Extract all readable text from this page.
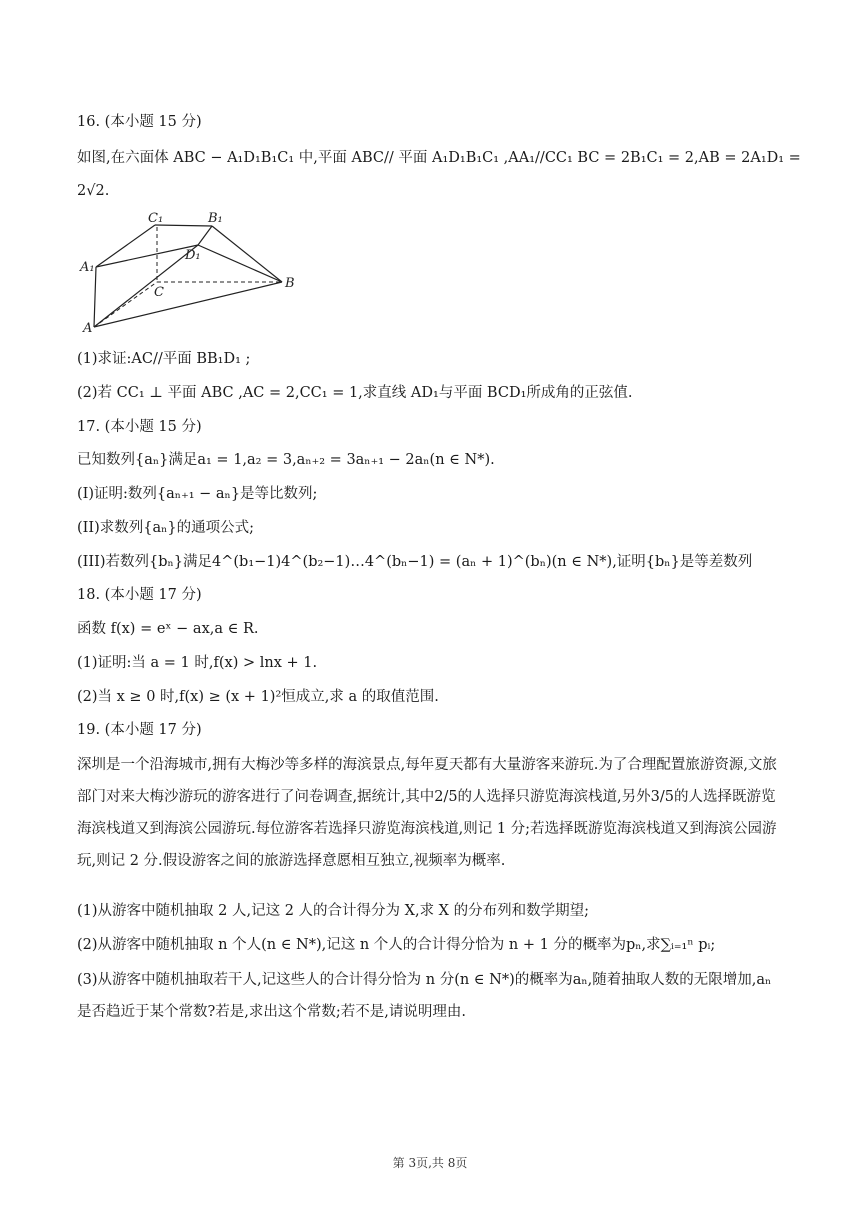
16. (本小题 15 分)
如图,在六面体 ABC − A₁D₁B₁C₁ 中,平面 ABC// 平面 A₁D₁B₁C₁ ,AA₁//CC₁ BC = 2B₁C₁ = 2,AB = 2A₁D₁ =
2√2.
C₁	B₁
A₁
D₁
C
B
A
(1)求证:AC//平面 BB₁D₁ ;
(2)若 CC₁ ⊥ 平面 ABC ,AC = 2,CC₁ = 1,求直线 AD₁与平面 BCD₁所成角的正弦值.
17. (本小题 15 分)
已知数列{aₙ}满足a₁ = 1,a₂ = 3,aₙ₊₂ = 3aₙ₊₁ − 2aₙ(n ∈ N*).
(I)证明:数列{aₙ₊₁ − aₙ}是等比数列;
(II)求数列{aₙ}的通项公式;
(III)若数列{bₙ}满足4^(b₁−1)4^(b₂−1)…4^(bₙ−1) = (aₙ + 1)^(bₙ)(n ∈ N*),证明{bₙ}是等差数列
18. (本小题 17 分)
函数 f(x) = eˣ − ax,a ∈ R.
(1)证明:当 a = 1 时,f(x) > lnx + 1.
(2)当 x ≥ 0 时,f(x) ≥ (x + 1)²恒成立,求 a 的取值范围.
19. (本小题 17 分)
深圳是一个沿海城市,拥有大梅沙等多样的海滨景点,每年夏天都有大量游客来游玩.为了合理配置旅游资源,文旅部门对来大梅沙游玩的游客进行了问卷调查,据统计,其中2/5的人选择只游览海滨栈道,另外3/5的人选择既游览海滨栈道又到海滨公园游玩.每位游客若选择只游览海滨栈道,则记 1 分;若选择既游览海滨栈道又到海滨公园游玩,则记 2 分.假设游客之间的旅游选择意愿相互独立,视频率为概率.
(1)从游客中随机抽取 2 人,记这 2 人的合计得分为 X,求 X 的分布列和数学期望;
(2)从游客中随机抽取 n 个人(n ∈ N*),记这 n 个人的合计得分恰为 n + 1 分的概率为pₙ,求∑ᵢ₌₁ⁿ pᵢ;
(3)从游客中随机抽取若干人,记这些人的合计得分恰为 n 分(n ∈ N*)的概率为aₙ,随着抽取人数的无限增加,aₙ是否趋近于某个常数?若是,求出这个常数;若不是,请说明理由.
第 3页,共 8页
